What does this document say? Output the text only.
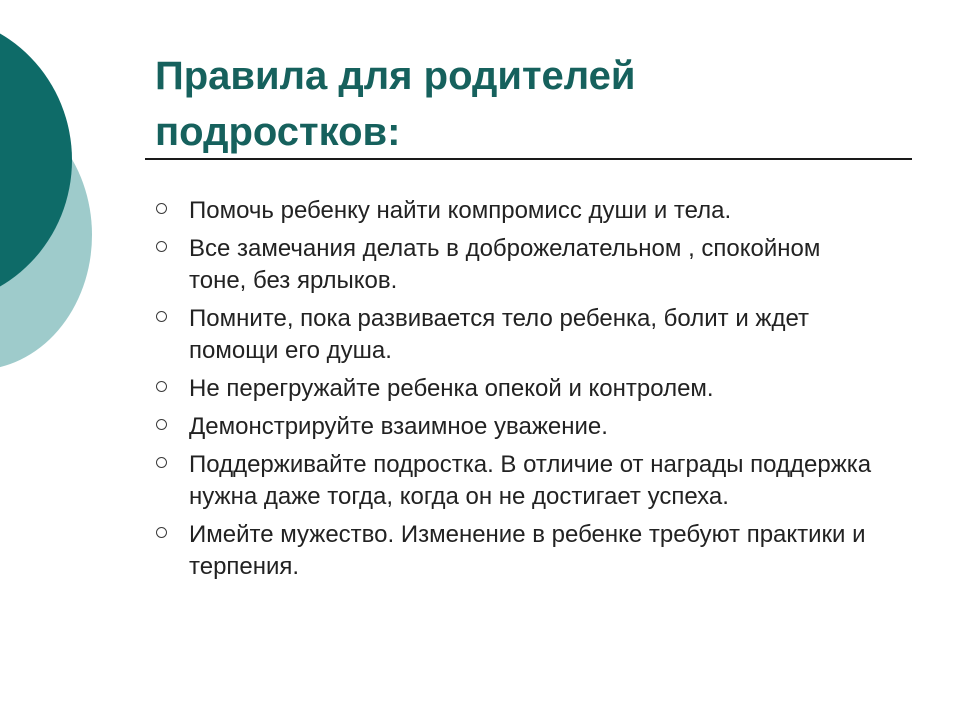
Правила для родителей
подростков:
Помочь ребенку найти компромисс души и тела.
Все замечания делать в доброжелательном , спокойном тоне, без ярлыков.
Помните, пока развивается тело ребенка, болит и ждет помощи его душа.
Не перегружайте ребенка опекой и контролем.
Демонстрируйте взаимное уважение.
Поддерживайте подростка. В отличие от награды поддержка нужна даже тогда, когда он не достигает успеха.
Имейте мужество. Изменение в ребенке требуют практики и терпения.
